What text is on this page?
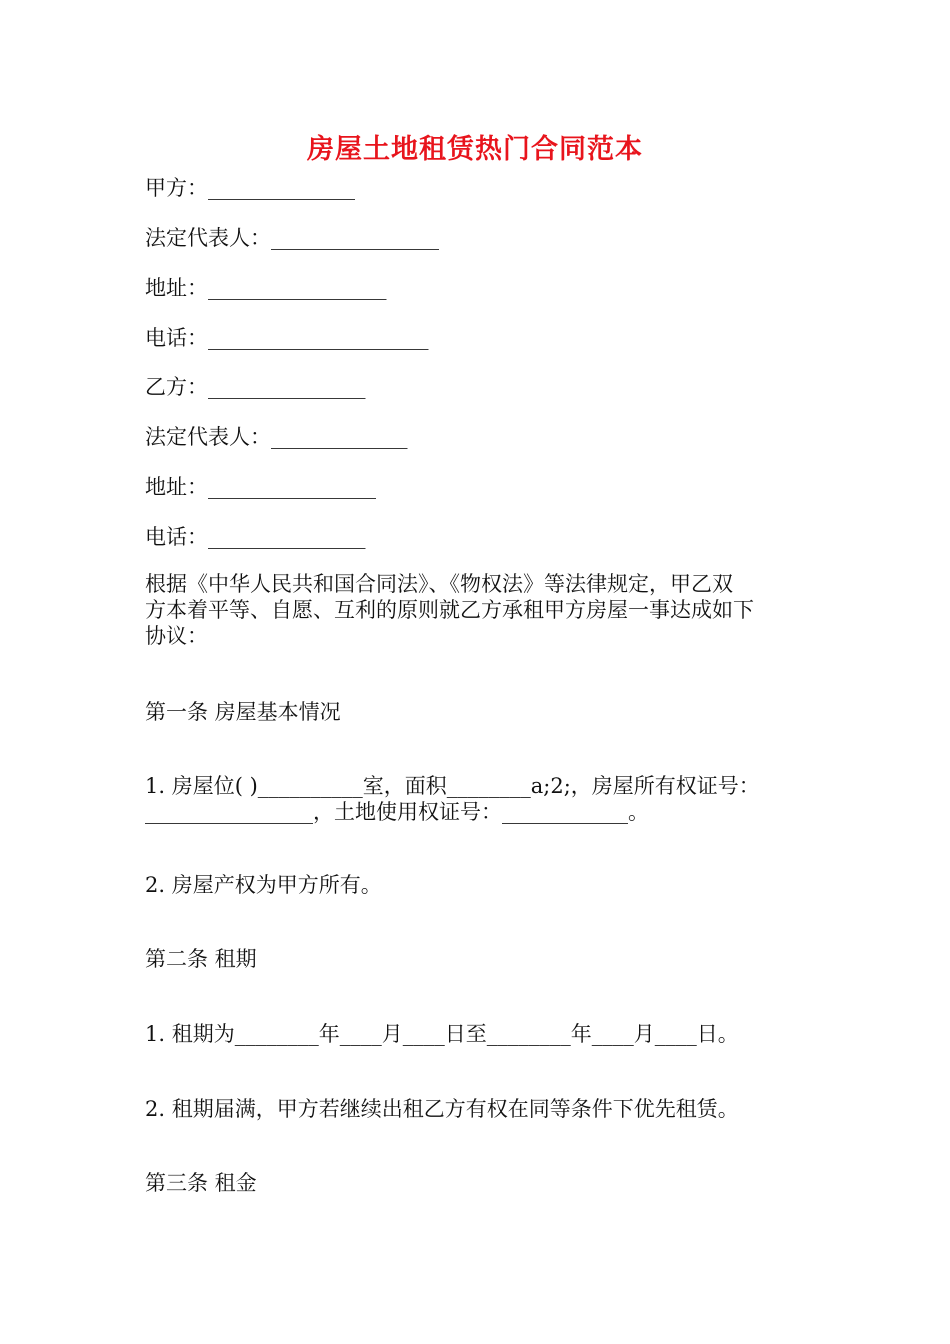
房屋土地租赁热门合同范本
甲方：______________
法定代表人：________________
地址：_________________
电话：_____________________
乙方：_______________
法定代表人：_____________
地址：________________
电话：_______________
根据《中华人民共和国合同法》、《物权法》等法律规定，甲乙双
方本着平等、自愿、互利的原则就乙方承租甲方房屋一事达成如下
协议：
第一条 房屋基本情况
1. 房屋位( )__________室，面积________a;2;，房屋所有权证号：
________________，土地使用权证号：____________。
2. 房屋产权为甲方所有。
第二条 租期
1. 租期为________年____月____日至________年____月____日。
2. 租期届满，甲方若继续出租乙方有权在同等条件下优先租赁。
第三条 租金
